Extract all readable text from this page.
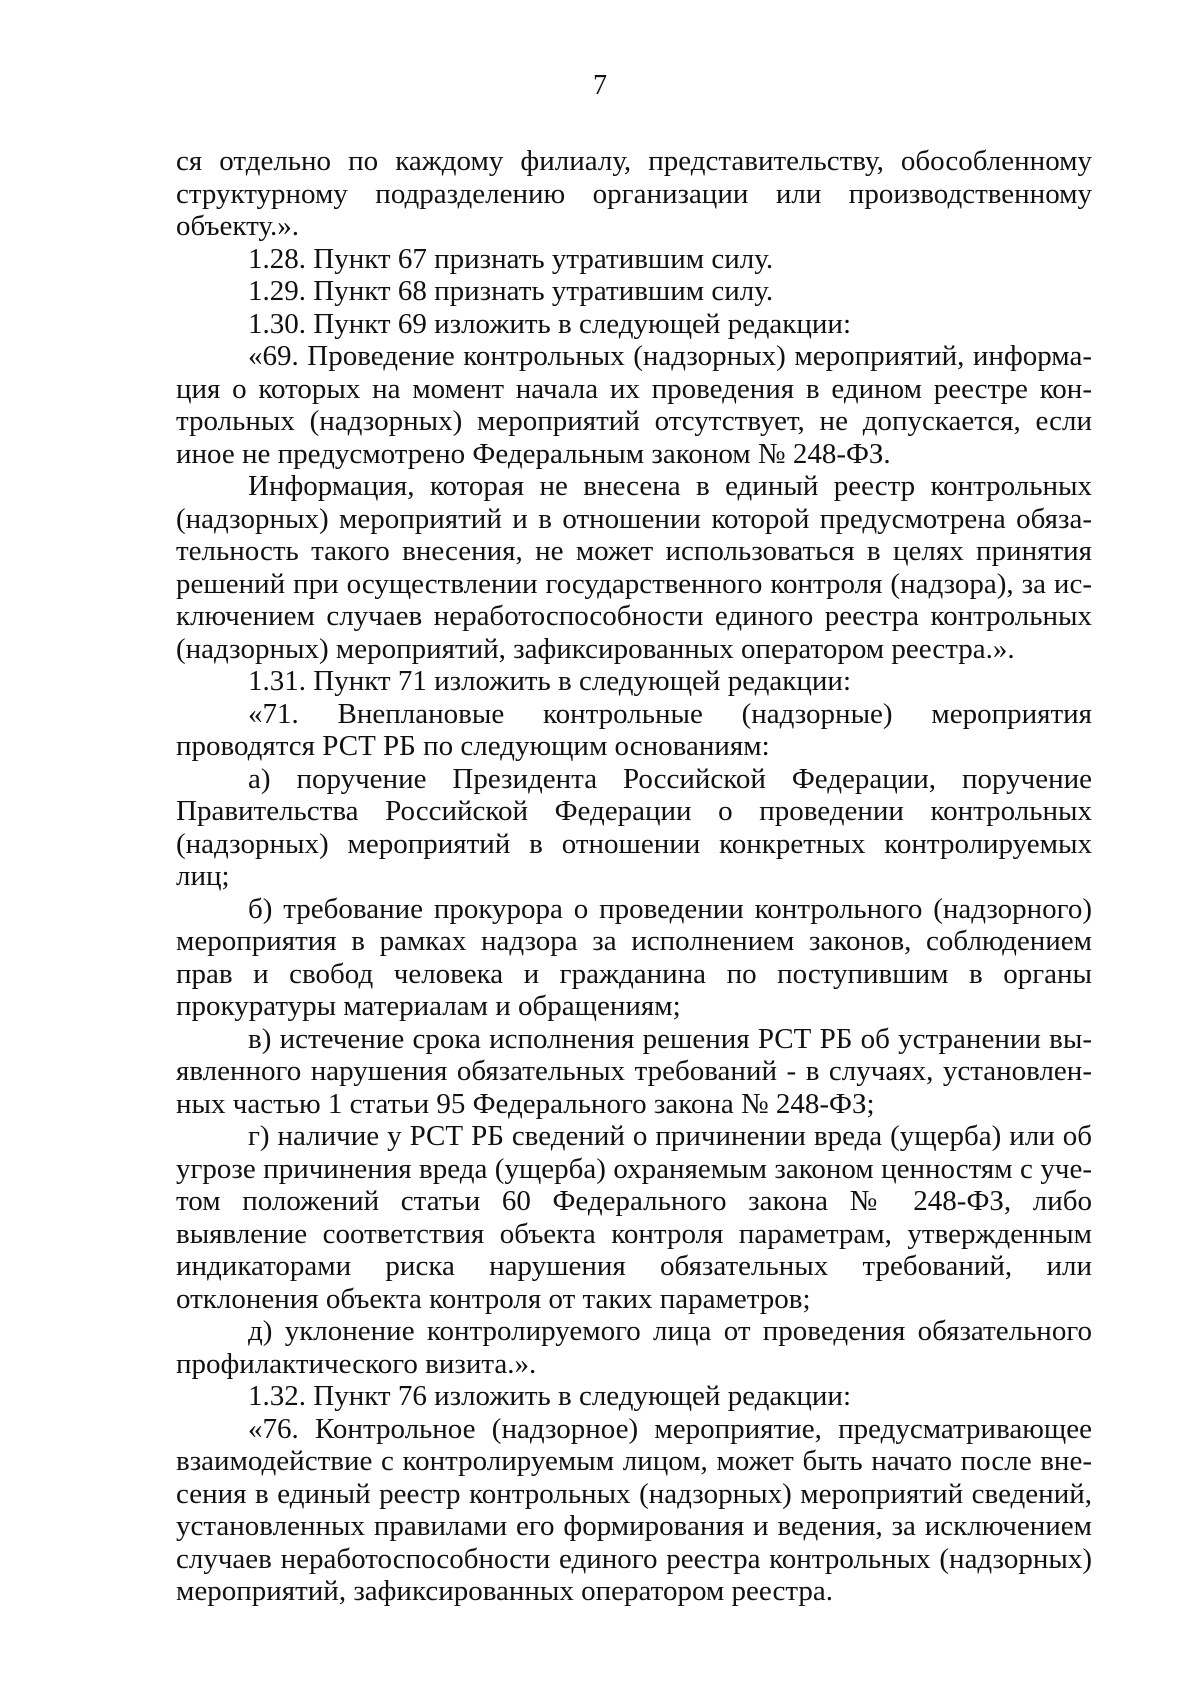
7

ся отдельно по каждому филиалу, представительству, обособленному структурному подразделению организации или производственному объекту.».

1.28. Пункт 67 признать утратившим силу.

1.29. Пункт 68 признать утратившим силу.

1.30. Пункт 69 изложить в следующей редакции:

«69. Проведение контрольных (надзорных) мероприятий, информация о которых на момент начала их проведения в едином реестре контрольных (надзорных) мероприятий отсутствует, не допускается, если иное не предусмотрено Федеральным законом № 248-ФЗ.

Информация, которая не внесена в единый реестр контрольных (надзорных) мероприятий и в отношении которой предусмотрена обязательность такого внесения, не может использоваться в целях принятия решений при осуществлении государственного контроля (надзора), за исключением случаев неработоспособности единого реестра контрольных (надзорных) мероприятий, зафиксированных оператором реестра.».

1.31. Пункт 71 изложить в следующей редакции:

«71. Внеплановые контрольные (надзорные) мероприятия проводятся РСТ РБ по следующим основаниям:

а) поручение Президента Российской Федерации, поручение Правительства Российской Федерации о проведении контрольных (надзорных) мероприятий в отношении конкретных контролируемых лиц;

б) требование прокурора о проведении контрольного (надзорного) мероприятия в рамках надзора за исполнением законов, соблюдением прав и свобод человека и гражданина по поступившим в органы прокуратуры материалам и обращениям;

в) истечение срока исполнения решения РСТ РБ об устранении выявленного нарушения обязательных требований - в случаях, установленных частью 1 статьи 95 Федерального закона № 248-ФЗ;

г) наличие у РСТ РБ сведений о причинении вреда (ущерба) или об угрозе причинения вреда (ущерба) охраняемым законом ценностям с учетом положений статьи 60 Федерального закона № 248-ФЗ, либо выявление соответствия объекта контроля параметрам, утвержденным индикаторами риска нарушения обязательных требований, или отклонения объекта контроля от таких параметров;

д) уклонение контролируемого лица от проведения обязательного профилактического визита.».

1.32. Пункт 76 изложить в следующей редакции:

«76. Контрольное (надзорное) мероприятие, предусматривающее взаимодействие с контролируемым лицом, может быть начато после внесения в единый реестр контрольных (надзорных) мероприятий сведений, установленных правилами его формирования и ведения, за исключением случаев неработоспособности единого реестра контрольных (надзорных) мероприятий, зафиксированных оператором реестра.
